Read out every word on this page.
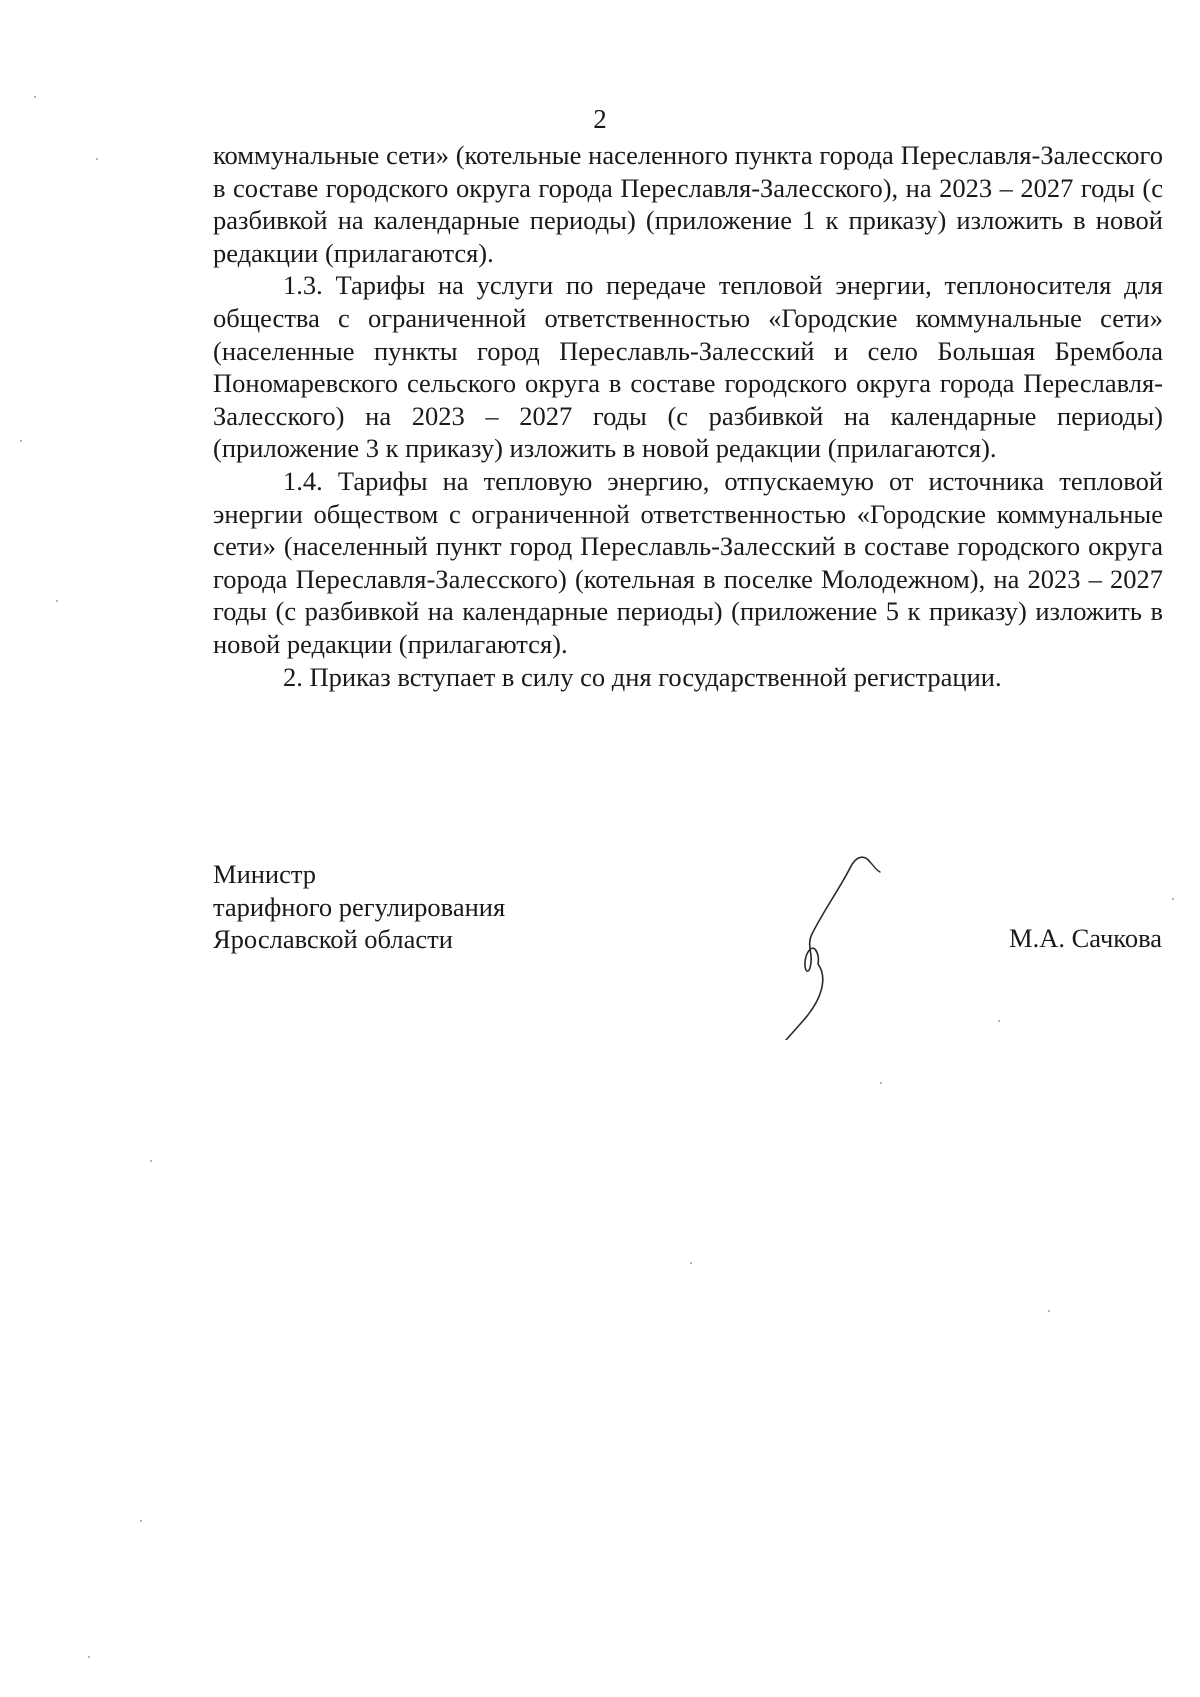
2

коммунальные сети» (котельные населенного пункта города Переславля-Залесского в составе городского округа города Переславля-Залесского), на 2023 – 2027 годы (с разбивкой на календарные периоды) (приложение 1 к приказу) изложить в новой редакции (прилагаются).

1.3. Тарифы на услуги по передаче тепловой энергии, теплоносителя для общества с ограниченной ответственностью «Городские коммунальные сети» (населенные пункты город Переславль-Залесский и село Большая Брембола Пономаревского сельского округа в составе городского округа города Переславля-Залесского) на 2023 – 2027 годы (с разбивкой на календарные периоды) (приложение 3 к приказу) изложить в новой редакции (прилагаются).

1.4. Тарифы на тепловую энергию, отпускаемую от источника тепловой энергии обществом с ограниченной ответственностью «Городские коммунальные сети» (населенный пункт город Переславль-Залесский в составе городского округа города Переславля-Залесского) (котельная в поселке Молодежном), на 2023 – 2027 годы (с разбивкой на календарные периоды) (приложение 5 к приказу) изложить в новой редакции (прилагаются).

2. Приказ вступает в силу со дня государственной регистрации.

Министр
тарифного регулирования
Ярославской области	М.А. Сачкова
